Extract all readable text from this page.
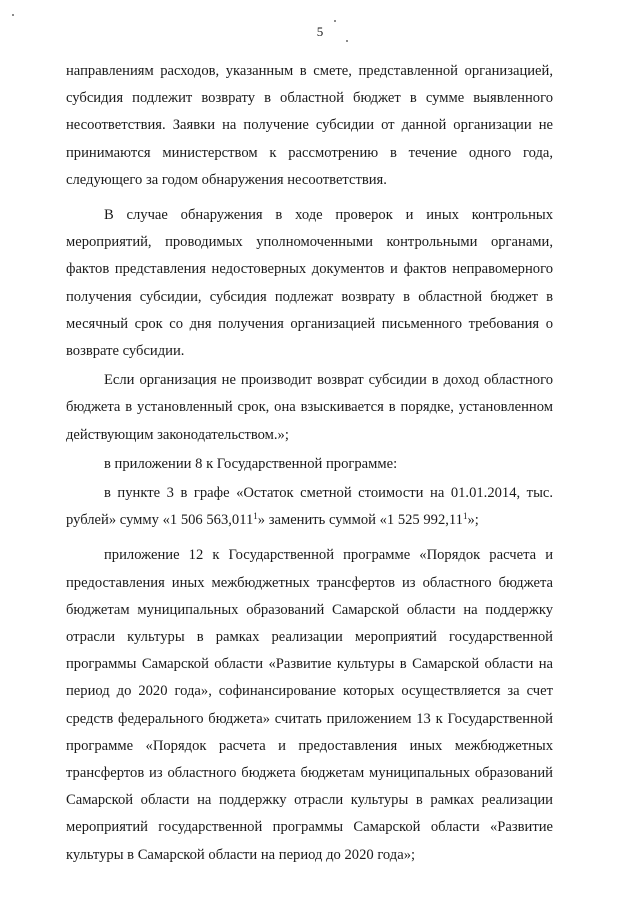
5

направлениям расходов, указанным в смете, представленной организацией, субсидия подлежит возврату в областной бюджет в сумме выявленного несоответствия. Заявки на получение субсидии от данной организации не принимаются министерством к рассмотрению в течение одного года, следующего за годом обнаружения несоответствия.

В случае обнаружения в ходе проверок и иных контрольных мероприятий, проводимых уполномоченными контрольными органами, фактов представления недостоверных документов и фактов неправомерного получения субсидии, субсидия подлежат возврату в областной бюджет в месячный срок со дня получения организацией письменного требования о возврате субсидии.

Если организация не производит возврат субсидии в доход областного бюджета в установленный срок, она взыскивается в порядке, установленном действующим законодательством.»;

в приложении 8 к Государственной программе:

в пункте 3 в графе «Остаток сметной стоимости на 01.01.2014, тыс. рублей» сумму «1 506 563,011$^1$» заменить суммой «1 525 992,11$^1$»;

приложение 12 к Государственной программе «Порядок расчета и предоставления иных межбюджетных трансфертов из областного бюджета бюджетам муниципальных образований Самарской области на поддержку отрасли культуры в рамках реализации мероприятий государственной программы Самарской области «Развитие культуры в Самарской области на период до 2020 года», софинансирование которых осуществляется за счет средств федерального бюджета» считать приложением 13 к Государственной программе «Порядок расчета и предоставления иных межбюджетных трансфертов из областного бюджета бюджетам муниципальных образований Самарской области на поддержку отрасли культуры в рамках реализации мероприятий государственной программы Самарской области «Развитие культуры в Самарской области на период до 2020 года»;
